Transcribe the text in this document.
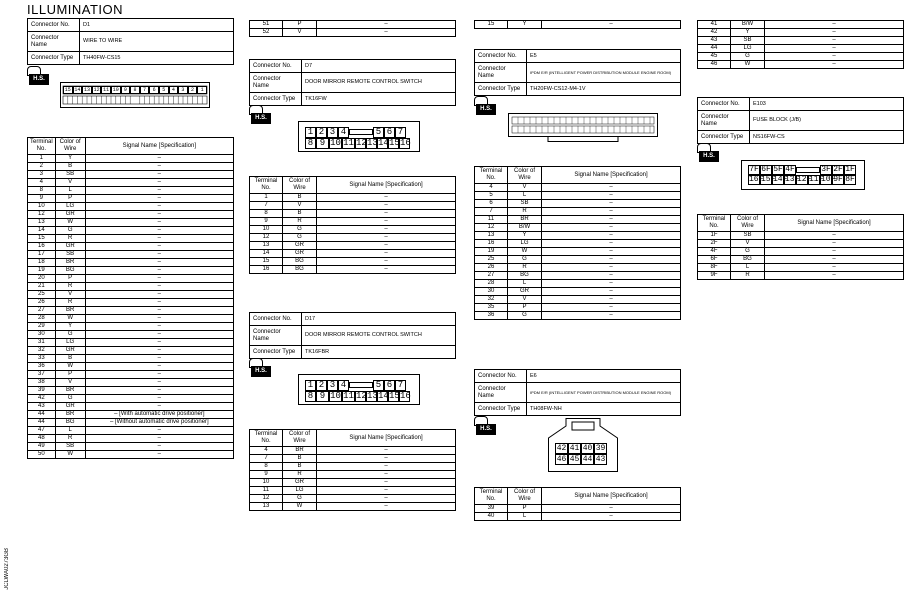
ILLUMINATION
JCLWA0273GB
Connector No.	D1
Connector Name	WIRE TO WIRE
Connector Type	TH40FW-CS15
H.S.
15 14 13 12 11 10	9	8	7	6	5	4	3	2	1
Terminal No.	Color of Wire	Signal Name [Specification]
1	Y	–
2	B	–
3	SB	–
4	V	–
8	L	–
9	P	–
10	LG	–
12	GR	–
13	W	–
14	G	–
15	R	–
16	GR	–
17	SB	–
18	BR	–
19	BG	–
20	P	–
21	R	–
25	V	–
26	R	–
27	BR	–
28	W	–
29	Y	–
30	G	–
31	LG	–
32	GR	–
33	B	–
36	W	–
37	P	–
38	V	–
39	BR	–
42	G	–
43	GR	–
44	BR	– [With automatic drive positioner]
44	BG	– [Without automatic drive positioner]
47	L	–
48	R	–
49	SB	–
50	W	–

51	P	–
52	V	–
Connector No.	D7
Connector Name	DOOR MIRROR REMOTE CONTROL SWITCH
Connector Type	TK16FW
H.S.
1 2 3 4	5 6 7
8 9 10 11 12 13 14 15 16
Terminal No.	Color of Wire	Signal Name [Specification]
1	B	–
7	V	–
8	B	–
9	R	–
10	G	–
12	G	–
13	GR	–
14	GR	–
15	BG	–
16	BG	–
Connector No.	D17
Connector Name	DOOR MIRROR REMOTE CONTROL SWITCH
Connector Type	TK16FBR
H.S.
1 2 3 4	5 6 7
8 9 10 11 12 13 14 15 16
Terminal No.	Color of Wire	Signal Name [Specification]
4	BR	–
7	B	–
8	B	–
9	R	–
10	GR	–
11	LG	–
12	G	–
13	W	–

15	Y	–
Connector No.	E5
Connector Name	IPDM E/R (INTELLIGENT POWER DISTRIBUTION MODULE ENGINE ROOM)
Connector Type	TH20FW-CS12-M4-1V
H.S.
Terminal No.	Color of Wire	Signal Name [Specification]
4	V	–
5	L	–
6	SB	–
7	R	–
11	BR	–
12	B/W	–
13	Y	–
16	LG	–
19	W	–
25	G	–
26	R	–
27	BG	–
28	L	–
30	GR	–
32	V	–
35	P	–
36	G	–
Connector No.	E6
Connector Name	IPDM E/R (INTELLIGENT POWER DISTRIBUTION MODULE ENGINE ROOM)
Connector Type	TH08FW-NH
H.S.
42 41 40 39
46 45 44 43
Terminal No.	Color of Wire	Signal Name [Specification]
39	P	–
40	L	–

41	B/W	–
42	Y	–
43	SB	–
44	LG	–
45	G	–
46	W	–
Connector No.	E103
Connector Name	FUSE BLOCK (J/B)
Connector Type	NS16FW-CS
H.S.
7F 6F 5F 4F	3F 2F 1F
16F
15F
14F
13F
12F
11F
10F
9F 8F
Terminal No.	Color of Wire	Signal Name [Specification]
1F	SB	–
2F	V	–
4F	G	–
6F	BG	–
8F	L	–
9F	R	–
